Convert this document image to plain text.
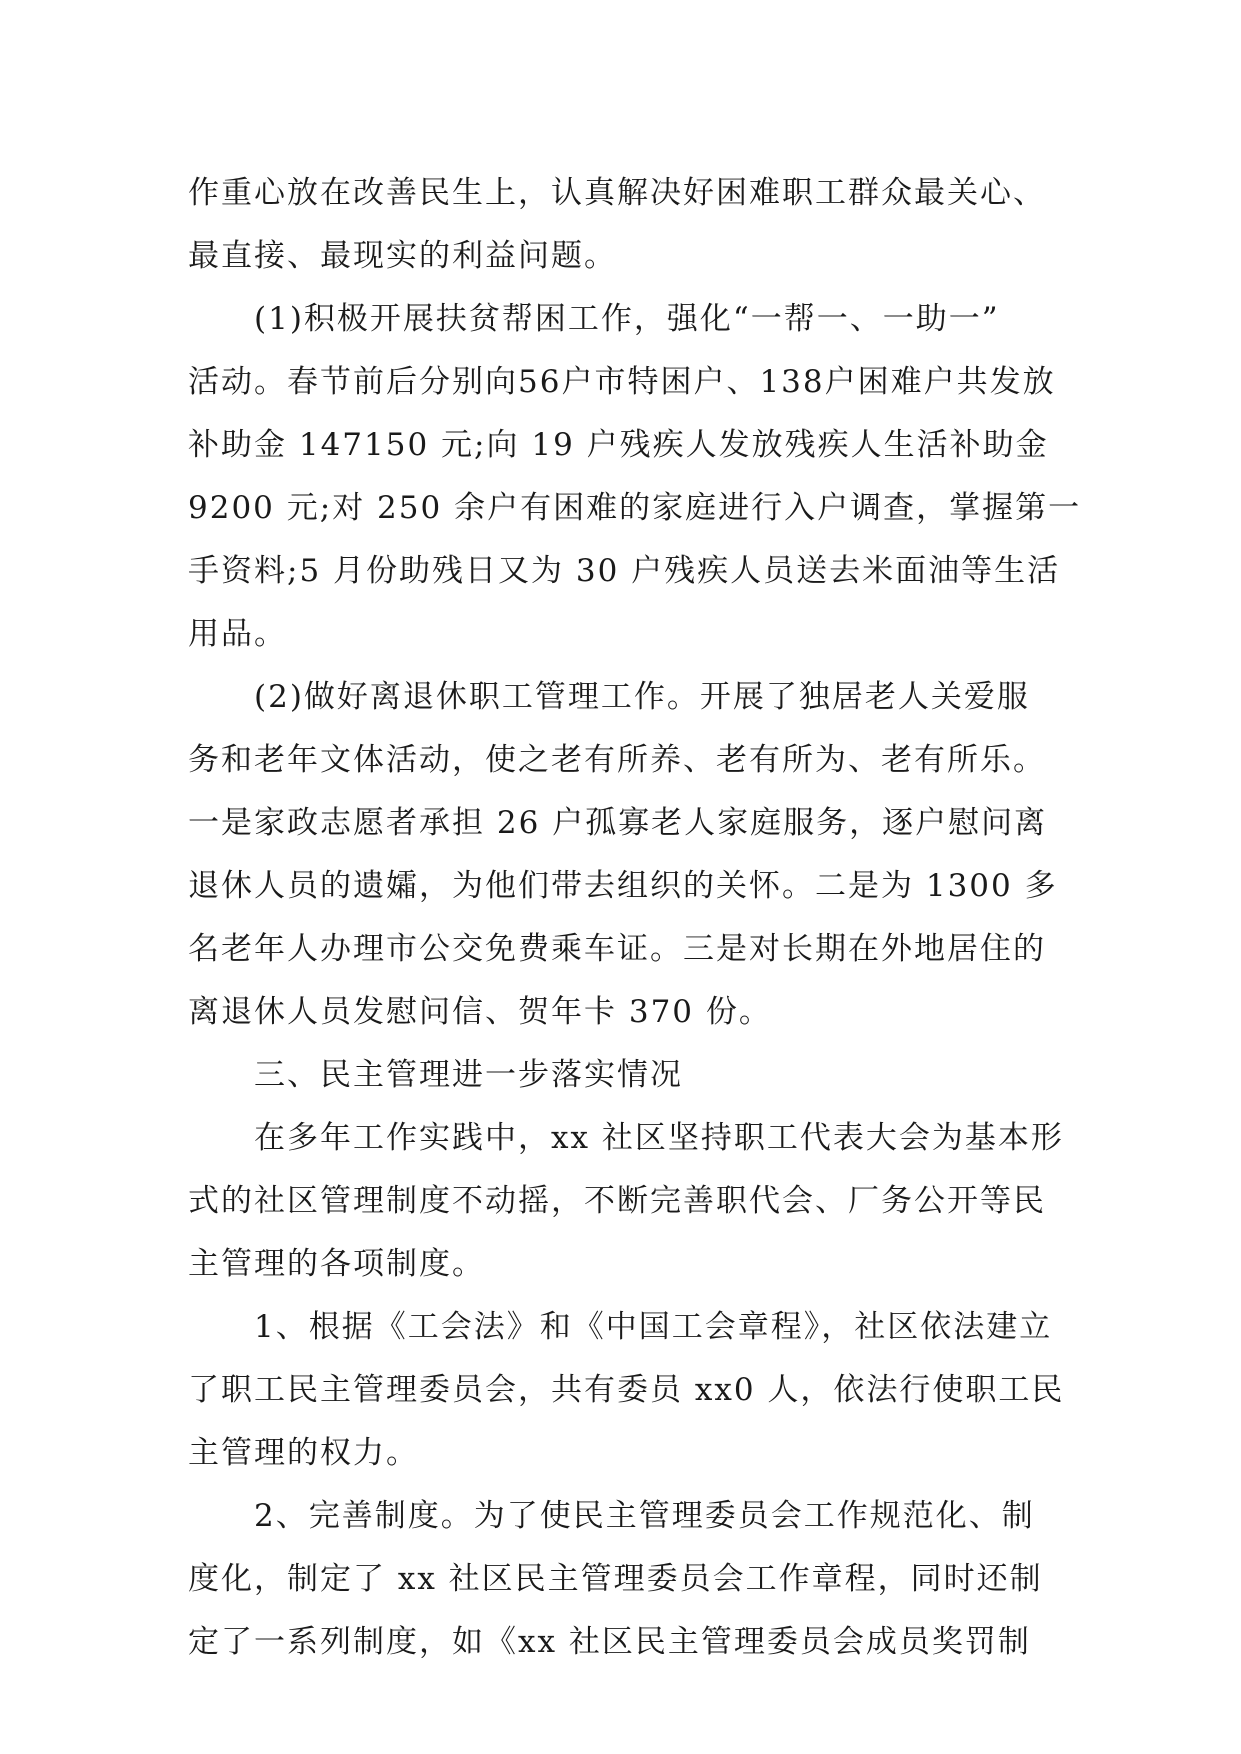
作重心放在改善民生上，认真解决好困难职工群众最关心、
最直接、最现实的利益问题。
(1)积极开展扶贫帮困工作，强化“一帮一、一助一”
活动。春节前后分别向56户市特困户、138户困难户共发放
补助金 147150 元;向 19 户残疾人发放残疾人生活补助金
9200 元;对 250 余户有困难的家庭进行入户调查，掌握第一
手资料;5 月份助残日又为 30 户残疾人员送去米面油等生活
用品。
(2)做好离退休职工管理工作。开展了独居老人关爱服
务和老年文体活动，使之老有所养、老有所为、老有所乐。
一是家政志愿者承担 26 户孤寡老人家庭服务，逐户慰问离
退休人员的遗孀，为他们带去组织的关怀。二是为 1300 多
名老年人办理市公交免费乘车证。三是对长期在外地居住的
离退休人员发慰问信、贺年卡 370 份。
三、民主管理进一步落实情况
在多年工作实践中，xx 社区坚持职工代表大会为基本形
式的社区管理制度不动摇，不断完善职代会、厂务公开等民
主管理的各项制度。
1、根据《工会法》和《中国工会章程》，社区依法建立
了职工民主管理委员会，共有委员 xx0 人，依法行使职工民
主管理的权力。
2、完善制度。为了使民主管理委员会工作规范化、制
度化，制定了 xx 社区民主管理委员会工作章程，同时还制
定了一系列制度，如《xx 社区民主管理委员会成员奖罚制
